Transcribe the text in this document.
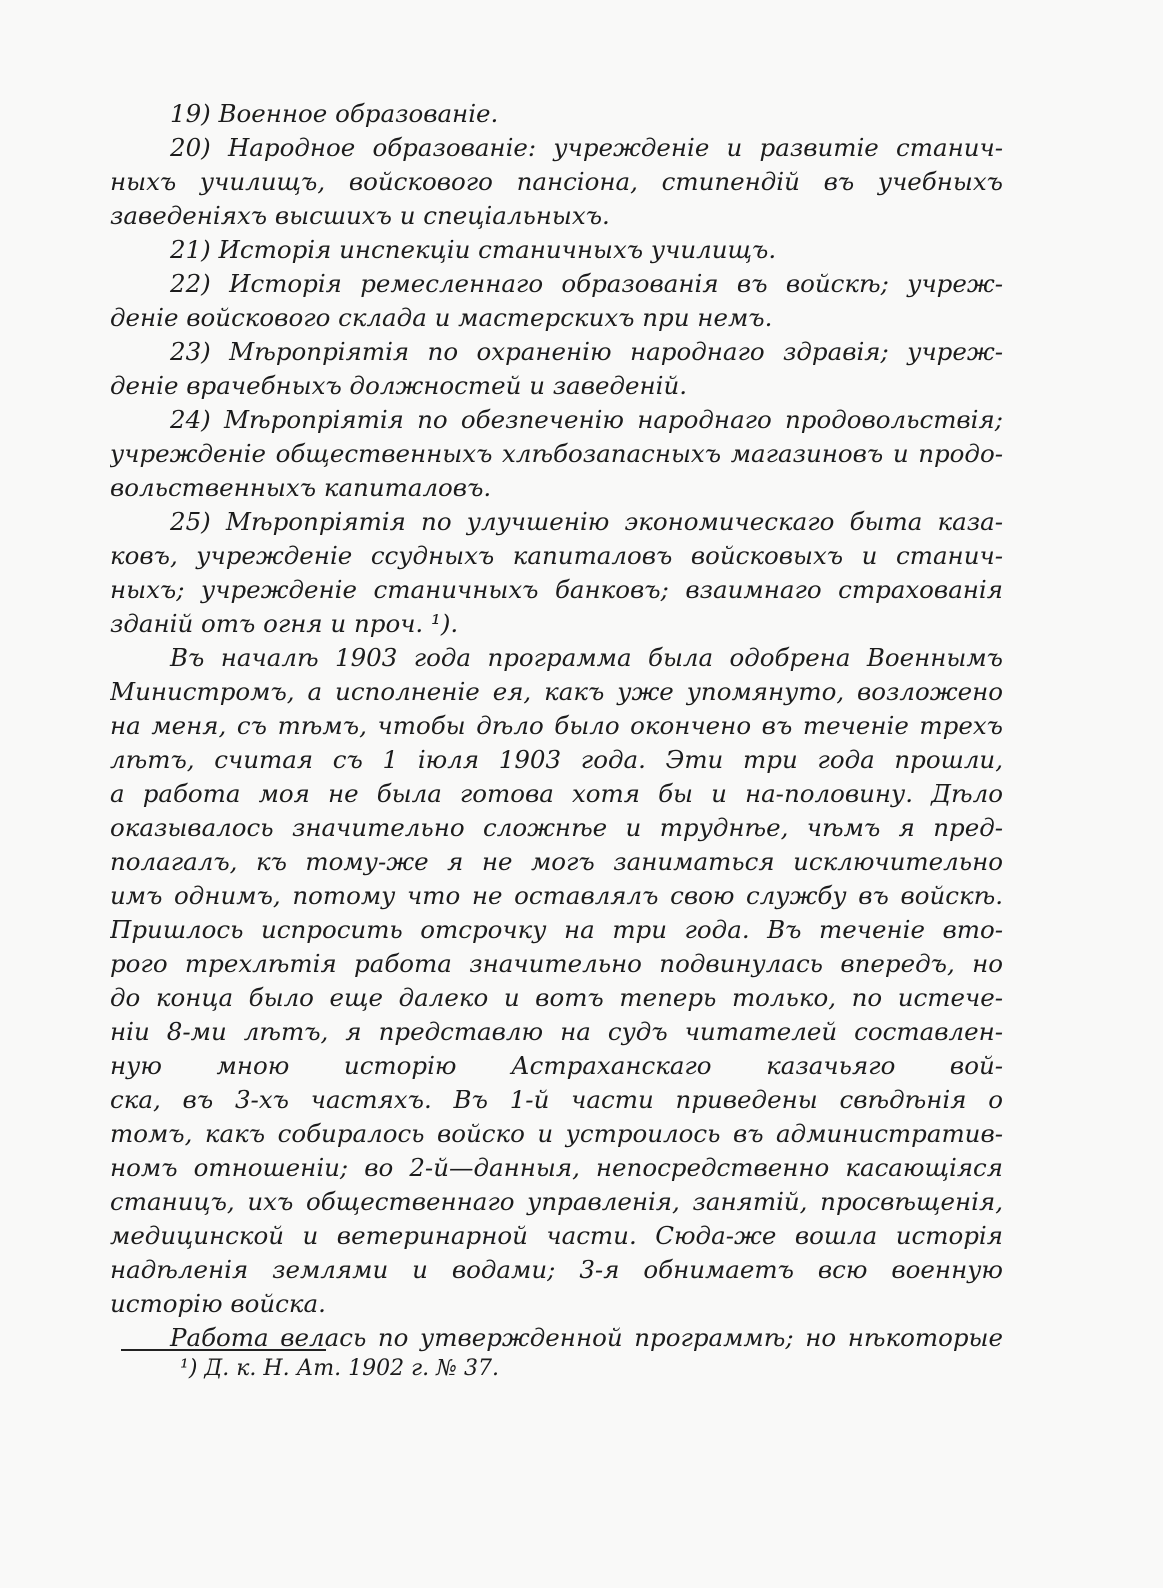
19) Военное образованіе.
20) Народное образованіе: учрежденіе и развитіе станич-
ныхъ училищъ, войскового пансіона, стипендій въ учебныхъ
заведеніяхъ высшихъ и спеціальныхъ.
21) Исторія инспекціи станичныхъ училищъ.
22) Исторія ремесленнаго образованія въ войскѣ; учреж-
деніе войскового склада и мастерскихъ при немъ.
23) Мѣропріятія по охраненію народнаго здравія; учреж-
деніе врачебныхъ должностей и заведеній.
24) Мѣропріятія по обезпеченію народнаго продовольствія;
учрежденіе общественныхъ хлѣбозапасныхъ магазиновъ и продо-
вольственныхъ капиталовъ.
25) Мѣропріятія по улучшенію экономическаго быта каза-
ковъ, учрежденіе ссудныхъ капиталовъ войсковыхъ и станич-
ныхъ; учрежденіе станичныхъ банковъ; взаимнаго страхованія
зданій отъ огня и проч. ¹).
Въ началѣ 1903 года программа была одобрена Военнымъ
Министромъ, а исполненіе ея, какъ уже упомянуто, возложено
на меня, съ тѣмъ, чтобы дѣло было окончено въ теченіе трехъ
лѣтъ, считая съ 1 іюля 1903 года. Эти три года прошли,
а работа моя не была готова хотя бы и на-половину. Дѣло
оказывалось значительно сложнѣе и труднѣе, чѣмъ я пред-
полагалъ, къ тому-же я не могъ заниматься исключительно
имъ однимъ, потому что не оставлялъ свою службу въ войскѣ.
Пришлось испросить отсрочку на три года. Въ теченіе вто-
рого трехлѣтія работа значительно подвинулась впередъ, но
до конца было еще далеко и вотъ теперь только, по истече-
ніи 8-ми лѣтъ, я представлю на судъ читателей составлен-
ную мною исторію Астраханскаго казачьяго вой-
ска, въ 3-хъ частяхъ. Въ 1-й части приведены свѣдѣнія о
томъ, какъ собиралось войско и устроилось въ административ-
номъ отношеніи; во 2-й—данныя, непосредственно касающіяся
станицъ, ихъ общественнаго управленія, занятій, просвѣщенія,
медицинской и ветеринарной части. Сюда-же вошла исторія
надѣленія землями и водами; 3-я обнимаетъ всю военную
исторію войска.
Работа велась по утвержденной программѣ; но нѣкоторые
¹) Д. к. Н. Ат. 1902 г. № 37.
